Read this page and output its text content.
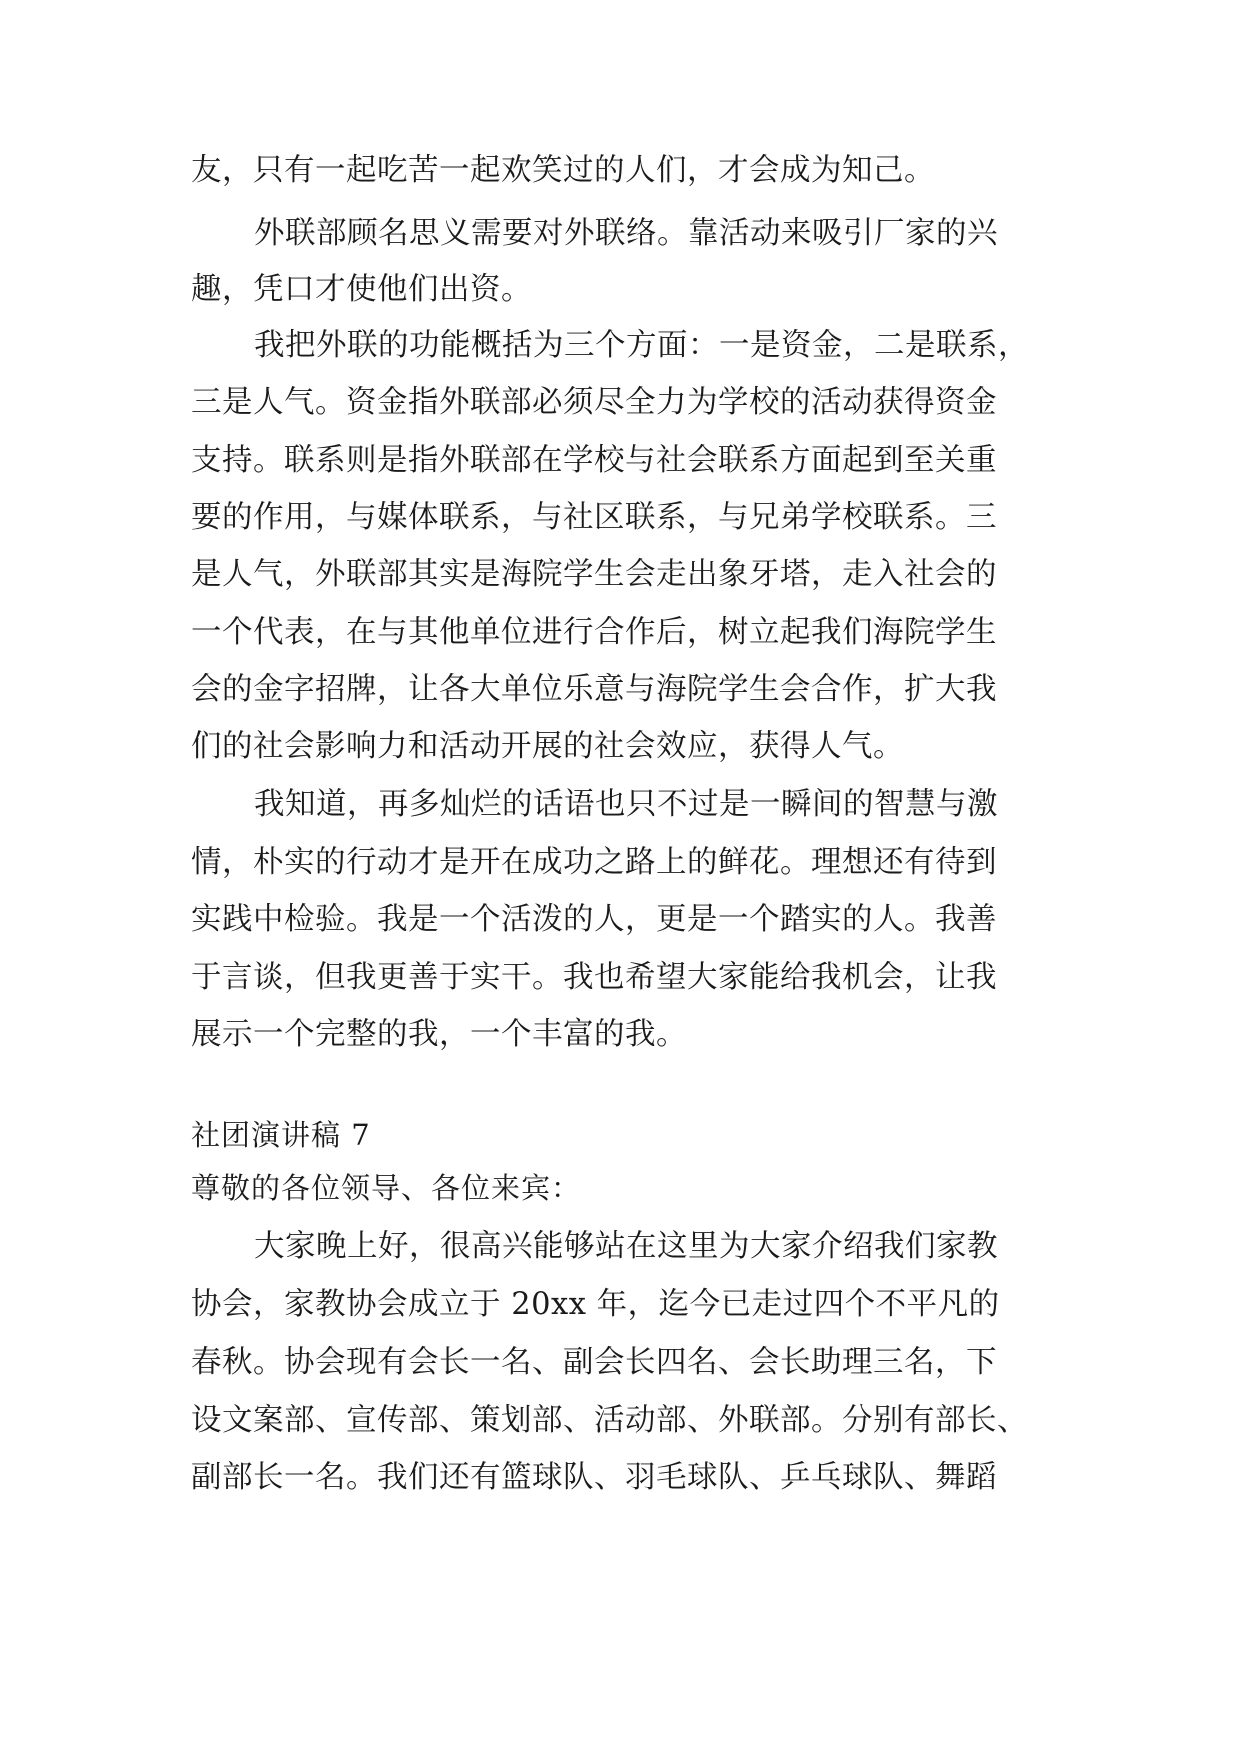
友，只有一起吃苦一起欢笑过的人们，才会成为知己。
外联部顾名思义需要对外联络。靠活动来吸引厂家的兴
趣，凭口才使他们出资。
我把外联的功能概括为三个方面：一是资金，二是联系，
三是人气。资金指外联部必须尽全力为学校的活动获得资金
支持。联系则是指外联部在学校与社会联系方面起到至关重
要的作用，与媒体联系，与社区联系，与兄弟学校联系。三
是人气，外联部其实是海院学生会走出象牙塔，走入社会的
一个代表，在与其他单位进行合作后，树立起我们海院学生
会的金字招牌，让各大单位乐意与海院学生会合作，扩大我
们的社会影响力和活动开展的社会效应，获得人气。
我知道，再多灿烂的话语也只不过是一瞬间的智慧与激
情，朴实的行动才是开在成功之路上的鲜花。理想还有待到
实践中检验。我是一个活泼的人，更是一个踏实的人。我善
于言谈，但我更善于实干。我也希望大家能给我机会，让我
展示一个完整的我，一个丰富的我。
社团演讲稿 7
尊敬的各位领导、各位来宾：
大家晚上好，很高兴能够站在这里为大家介绍我们家教
协会，家教协会成立于 20xx 年，迄今已走过四个不平凡的
春秋。协会现有会长一名、副会长四名、会长助理三名，下
设文案部、宣传部、策划部、活动部、外联部。分别有部长、
副部长一名。我们还有篮球队、羽毛球队、乒乓球队、舞蹈
